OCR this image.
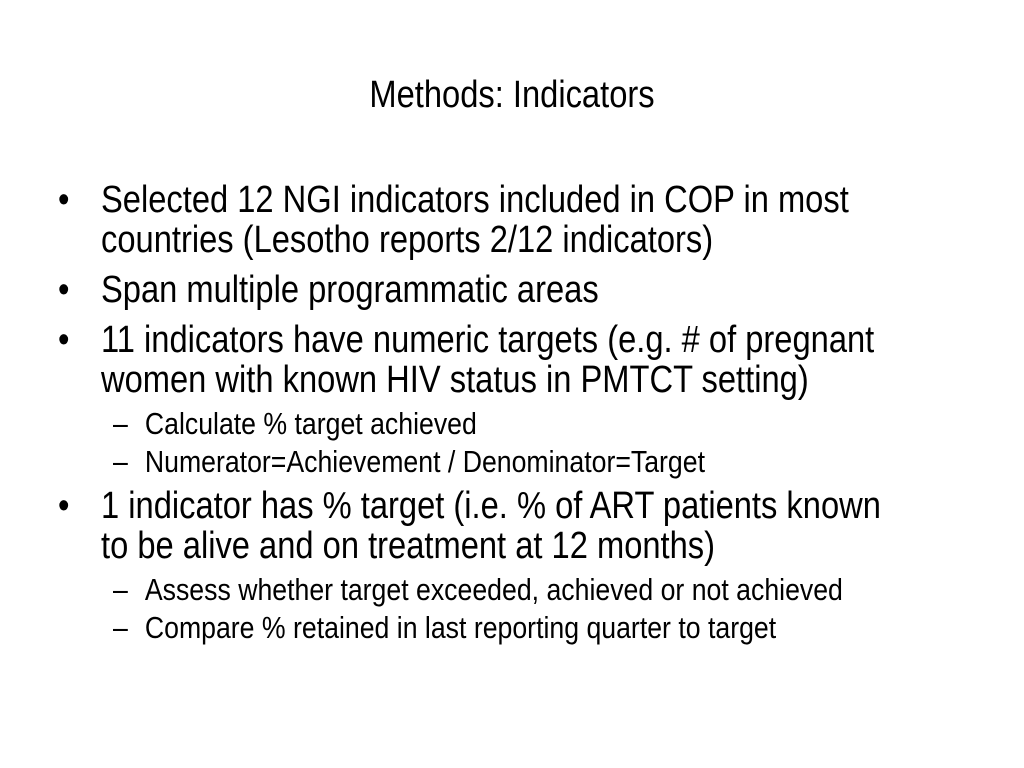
Methods: Indicators
• Selected 12 NGI indicators included in COP in most
countries (Lesotho reports 2/12 indicators)
• Span multiple programmatic areas
• 11 indicators have numeric targets (e.g. # of pregnant
women with known HIV status in PMTCT setting)
– Calculate % target achieved
– Numerator=Achievement / Denominator=Target
• 1 indicator has % target (i.e. % of ART patients known
to be alive and on treatment at 12 months)
– Assess whether target exceeded, achieved or not achieved
– Compare % retained in last reporting quarter to target
